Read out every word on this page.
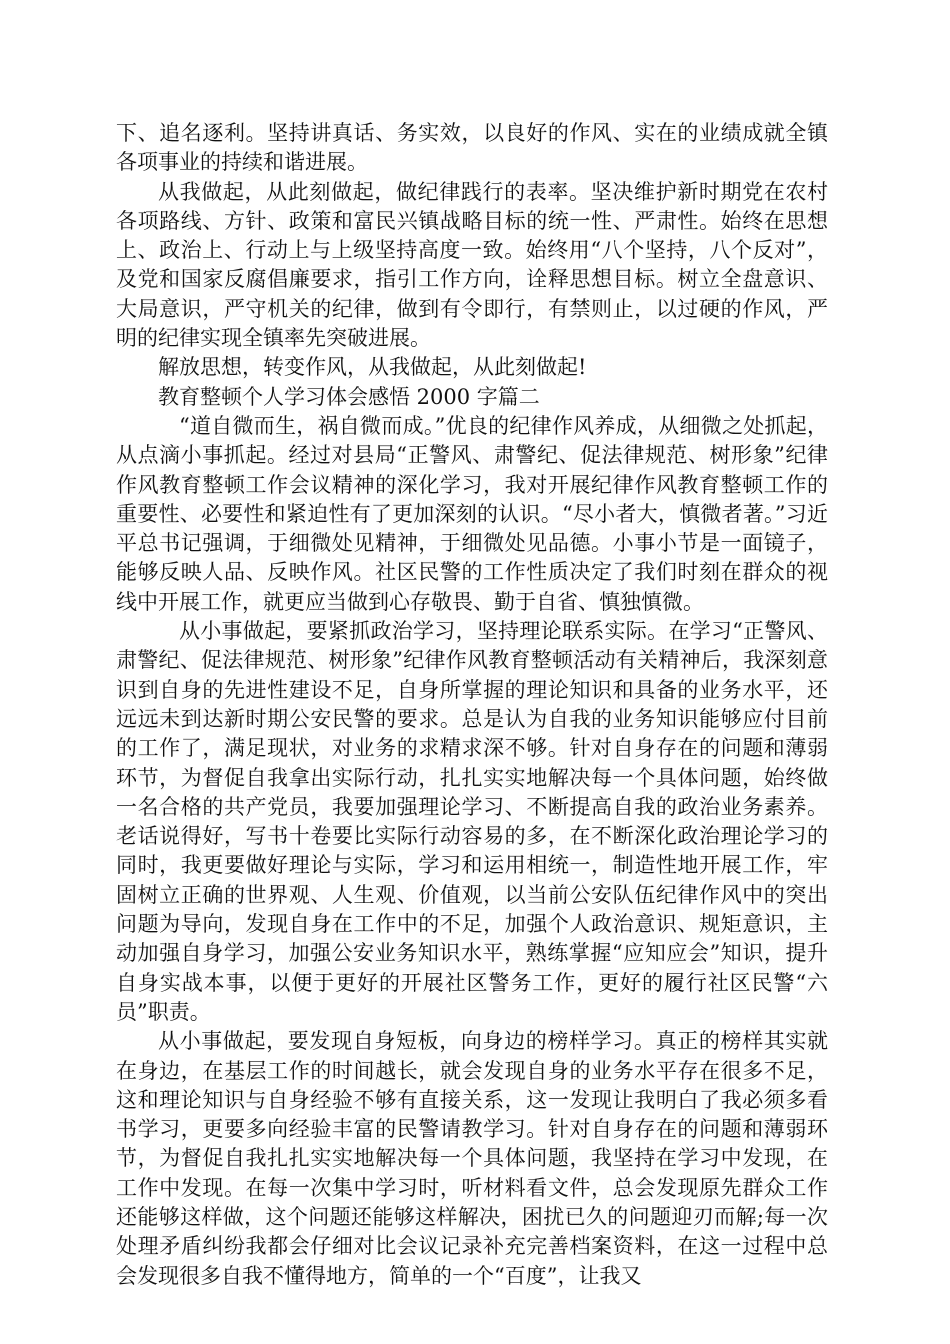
下、追名逐利。坚持讲真话、务实效，以良好的作风、实在的业绩成就全镇各项事业的持续和谐进展。

从我做起，从此刻做起，做纪律践行的表率。坚决维护新时期党在农村各项路线、方针、政策和富民兴镇战略目标的统一性、严肃性。始终在思想上、政治上、行动上与上级坚持高度一致。始终用“八个坚持，八个反对”，及党和国家反腐倡廉要求，指引工作方向，诠释思想目标。树立全盘意识、大局意识，严守机关的纪律，做到有令即行，有禁则止，以过硬的作风，严明的纪律实现全镇率先突破进展。

解放思想，转变作风，从我做起，从此刻做起!

教育整顿个人学习体会感悟 2000 字篇二

“道自微而生，祸自微而成。”优良的纪律作风养成，从细微之处抓起，从点滴小事抓起。经过对县局“正警风、肃警纪、促法律规范、树形象”纪律作风教育整顿工作会议精神的深化学习，我对开展纪律作风教育整顿工作的重要性、必要性和紧迫性有了更加深刻的认识。“尽小者大，慎微者著。”习近平总书记强调，于细微处见精神，于细微处见品德。小事小节是一面镜子，能够反映人品、反映作风。社区民警的工作性质决定了我们时刻在群众的视线中开展工作，就更应当做到心存敬畏、勤于自省、慎独慎微。

从小事做起，要紧抓政治学习，坚持理论联系实际。在学习“正警风、肃警纪、促法律规范、树形象”纪律作风教育整顿活动有关精神后，我深刻意识到自身的先进性建设不足，自身所掌握的理论知识和具备的业务水平，还远远未到达新时期公安民警的要求。总是认为自我的业务知识能够应付目前的工作了，满足现状，对业务的求精求深不够。针对自身存在的问题和薄弱环节，为督促自我拿出实际行动，扎扎实实地解决每一个具体问题，始终做一名合格的共产党员，我要加强理论学习、不断提高自我的政治业务素养。老话说得好，写书十卷要比实际行动容易的多，在不断深化政治理论学习的同时，我更要做好理论与实际，学习和运用相统一，制造性地开展工作，牢固树立正确的世界观、人生观、价值观，以当前公安队伍纪律作风中的突出问题为导向，发现自身在工作中的不足，加强个人政治意识、规矩意识，主动加强自身学习，加强公安业务知识水平，熟练掌握“应知应会”知识，提升自身实战本事，以便于更好的开展社区警务工作，更好的履行社区民警“六员”职责。

从小事做起，要发现自身短板，向身边的榜样学习。真正的榜样其实就在身边，在基层工作的时间越长，就会发现自身的业务水平存在很多不足，这和理论知识与自身经验不够有直接关系，这一发现让我明白了我必须多看书学习，更要多向经验丰富的民警请教学习。针对自身存在的问题和薄弱环节，为督促自我扎扎实实地解决每一个具体问题，我坚持在学习中发现，在工作中发现。在每一次集中学习时，听材料看文件，总会发现原先群众工作还能够这样做，这个问题还能够这样解决，困扰已久的问题迎刃而解;每一次处理矛盾纠纷我都会仔细对比会议记录补充完善档案资料，在这一过程中总会发现很多自我不懂得地方，简单的一个“百度”，让我又
